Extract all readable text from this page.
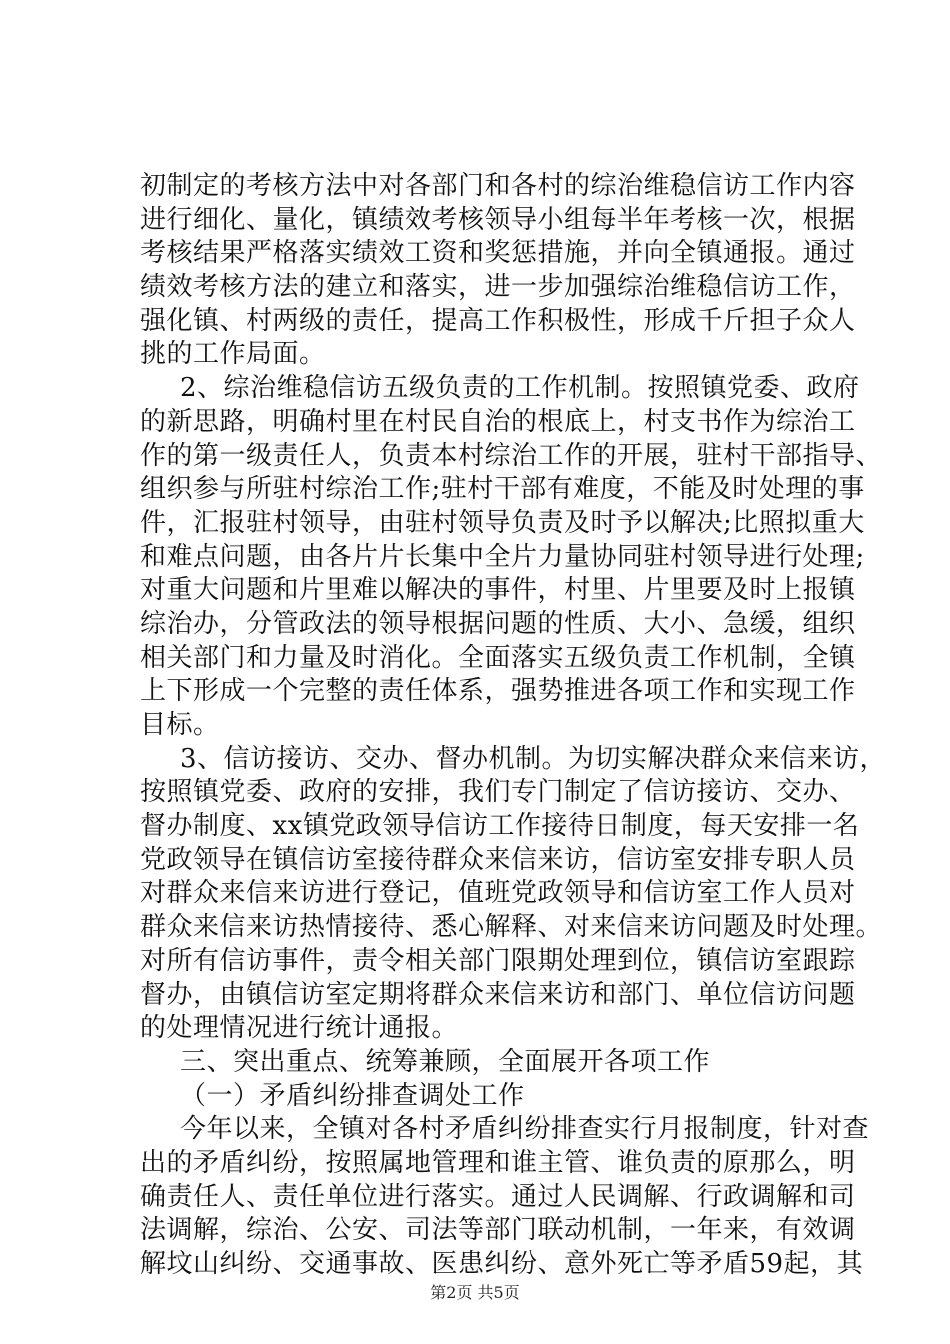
初制定的考核方法中对各部门和各村的综治维稳信访工作内容
进行细化、量化，镇绩效考核领导小组每半年考核一次，根据
考核结果严格落实绩效工资和奖惩措施，并向全镇通报。通过
绩效考核方法的建立和落实，进一步加强综治维稳信访工作，
强化镇、村两级的责任，提高工作积极性，形成千斤担子众人
挑的工作局面。
2、综治维稳信访五级负责的工作机制。按照镇党委、政府
的新思路，明确村里在村民自治的根底上，村支书作为综治工
作的第一级责任人，负责本村综治工作的开展，驻村干部指导、
组织参与所驻村综治工作;驻村干部有难度，不能及时处理的事
件，汇报驻村领导，由驻村领导负责及时予以解决;比照拟重大
和难点问题，由各片片长集中全片力量协同驻村领导进行处理;
对重大问题和片里难以解决的事件，村里、片里要及时上报镇
综治办，分管政法的领导根据问题的性质、大小、急缓，组织
相关部门和力量及时消化。全面落实五级负责工作机制，全镇
上下形成一个完整的责任体系，强势推进各项工作和实现工作
目标。
3、信访接访、交办、督办机制。为切实解决群众来信来访，
按照镇党委、政府的安排，我们专门制定了信访接访、交办、
督办制度、xx镇党政领导信访工作接待日制度，每天安排一名
党政领导在镇信访室接待群众来信来访，信访室安排专职人员
对群众来信来访进行登记，值班党政领导和信访室工作人员对
群众来信来访热情接待、悉心解释、对来信来访问题及时处理。
对所有信访事件，责令相关部门限期处理到位，镇信访室跟踪
督办，由镇信访室定期将群众来信来访和部门、单位信访问题
的处理情况进行统计通报。
三、突出重点、统筹兼顾，全面展开各项工作
（一）矛盾纠纷排查调处工作
今年以来，全镇对各村矛盾纠纷排查实行月报制度，针对查
出的矛盾纠纷，按照属地管理和谁主管、谁负责的原那么，明
确责任人、责任单位进行落实。通过人民调解、行政调解和司
法调解，综治、公安、司法等部门联动机制，一年来，有效调
解坟山纠纷、交通事故、医患纠纷、意外死亡等矛盾59起，其
第2页 共5页
